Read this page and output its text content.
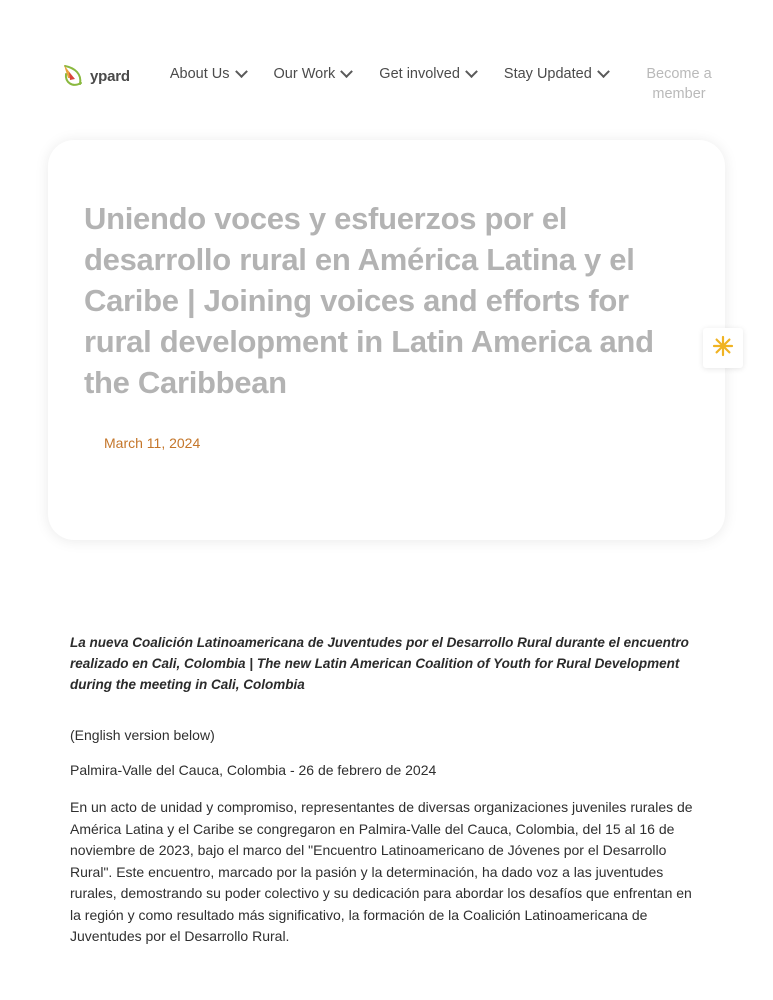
ypard	About Us	Our Work	Get involved	Stay Updated	Become a member
Uniendo voces y esfuerzos por el desarrollo rural en América Latina y el Caribe | Joining voices and efforts for rural development in Latin America and the Caribbean
March 11, 2024

La nueva Coalición Latinoamericana de Juventudes por el Desarrollo Rural durante el encuentro realizado en Cali, Colombia | The new Latin American Coalition of Youth for Rural Development during the meeting in Cali, Colombia

(English version below)

Palmira-Valle del Cauca, Colombia - 26 de febrero de 2024

En un acto de unidad y compromiso, representantes de diversas organizaciones juveniles rurales de América Latina y el Caribe se congregaron en Palmira-Valle del Cauca, Colombia, del 15 al 16 de noviembre de 2023, bajo el marco del "Encuentro Latinoamericano de Jóvenes por el Desarrollo Rural". Este encuentro, marcado por la pasión y la determinación, ha dado voz a las juventudes rurales, demostrando su poder colectivo y su dedicación para abordar los desafíos que enfrentan en la región y como resultado más significativo, la formación de la Coalición Latinoamericana de Juventudes por el Desarrollo Rural.
